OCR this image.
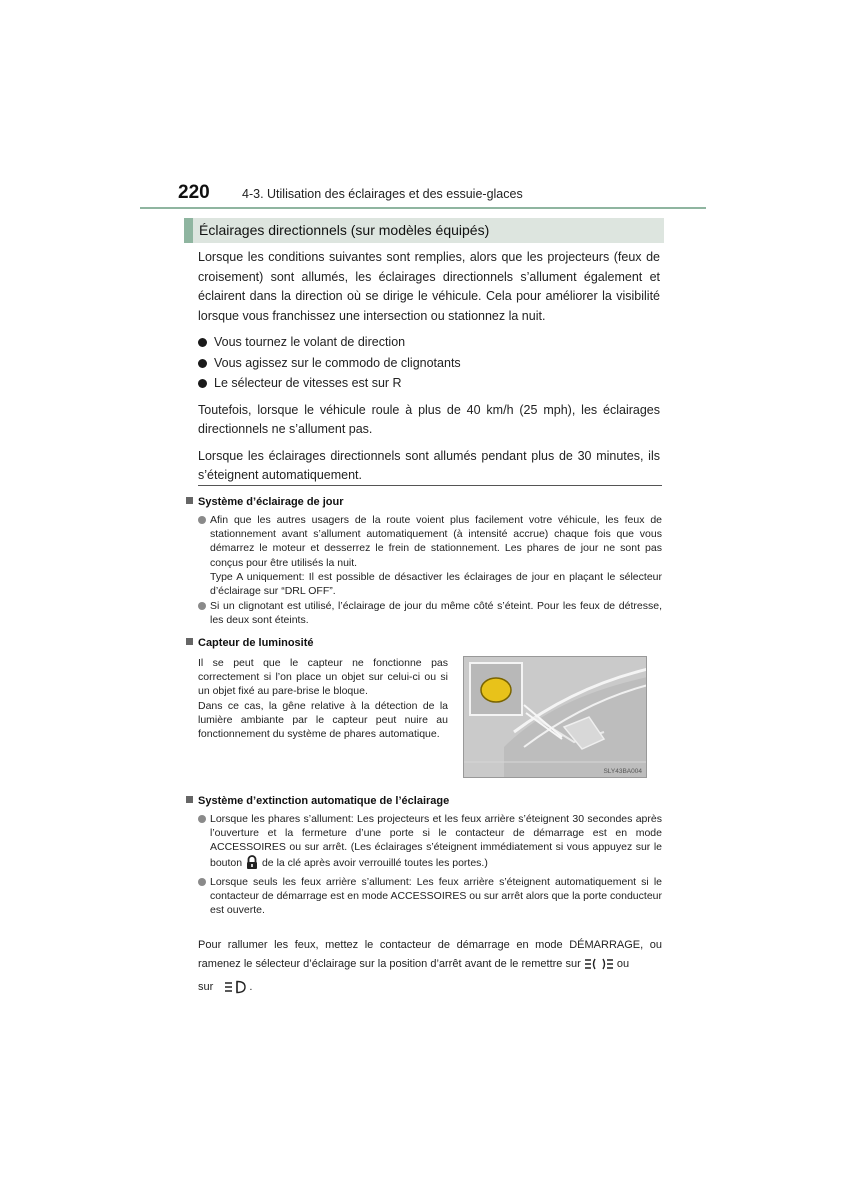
220	4-3. Utilisation des éclairages et des essuie-glaces
Éclairages directionnels (sur modèles équipés)

Lorsque les conditions suivantes sont remplies, alors que les projecteurs (feux de croisement) sont allumés, les éclairages directionnels s’allument également et éclairent dans la direction où se dirige le véhicule. Cela pour améliorer la visibilité lorsque vous franchissez une intersection ou stationnez la nuit.

Vous tournez le volant de direction
Vous agissez sur le commodo de clignotants
Le sélecteur de vitesses est sur R

Toutefois, lorsque le véhicule roule à plus de 40 km/h (25 mph), les éclairages directionnels ne s’allument pas.

Lorsque les éclairages directionnels sont allumés pendant plus de 30 minutes, ils s’éteignent automatiquement.

Système d’éclairage de jour
Afin que les autres usagers de la route voient plus facilement votre véhicule, les feux de stationnement avant s’allument automatiquement (à intensité accrue) chaque fois que vous démarrez le moteur et desserrez le frein de stationnement. Les phares de jour ne sont pas conçus pour être utilisés la nuit.
Type A uniquement: Il est possible de désactiver les éclairages de jour en plaçant le sélecteur d’éclairage sur “DRL OFF”.
Si un clignotant est utilisé, l’éclairage de jour du même côté s’éteint. Pour les feux de détresse, les deux sont éteints.
Capteur de luminosité
Il se peut que le capteur ne fonctionne pas correctement si l’on place un objet sur celui-ci ou si un objet fixé au pare-brise le bloque.
Dans ce cas, la gêne relative à la détection de la lumière ambiante par le capteur peut nuire au fonctionnement du système de phares automatique.
SLY43BA004
Système d’extinction automatique de l’éclairage
Lorsque les phares s’allument: Les projecteurs et les feux arrière s’éteignent 30 secondes après l’ouverture et la fermeture d’une porte si le contacteur de démarrage est en mode ACCESSOIRES ou sur arrêt. (Les éclairages s’éteignent immédiatement si vous appuyez sur le bouton de la clé après avoir verrouillé toutes les portes.)
Lorsque seuls les feux arrière s’allument: Les feux arrière s’éteignent automatiquement si le contacteur de démarrage est en mode ACCESSOIRES ou sur arrêt alors que la porte conducteur est ouverte.

Pour rallumer les feux, mettez le contacteur de démarrage en mode DÉMARRAGE, ou ramenez le sélecteur d’éclairage sur la position d’arrêt avant de le remettre sur	ou
sur	.
